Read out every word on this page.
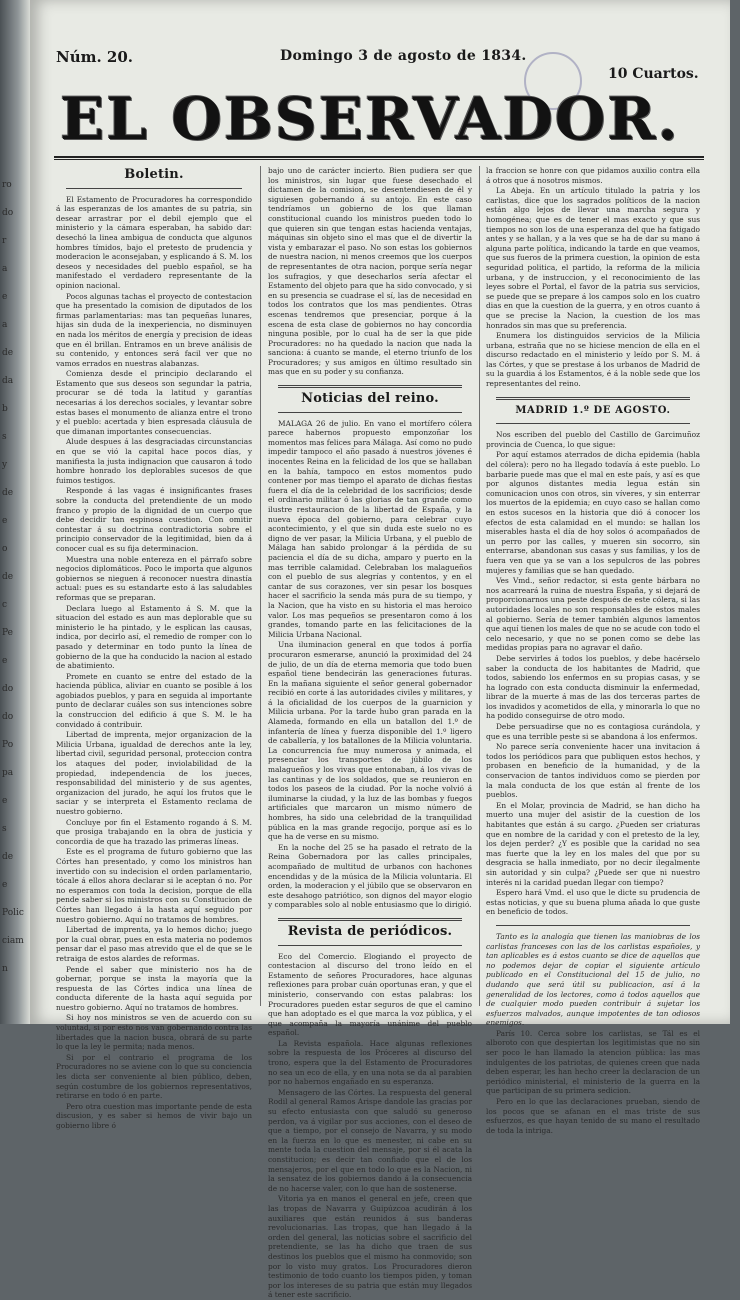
ro
do
r
a
e
a
de
da
b
s
y
de
e
o
de
c
Pe
e
do
do
Po
pa
e
s
de
e
Polic
ciam
n
Núm. 20.	Domingo 3 de agosto de 1834.
10 Cuartos.
EL OBSERVADOR.
Boletin.

El Estamento de Procuradores ha correspondido á las esperanzas de los amantes de su patria, sin desear arrastrar por el debil ejemplo que el ministerio y la cámara esperaban, ha sabido dar: desechó la linea ambigua de conducta que algunos hombres tímidos, bajo el pretesto de prudencia y moderacion le aconsejaban, y esplicando á S. M. los deseos y necesidades del pueblo español, se ha manifestado el verdadero representante de la opinion nacional.

Pocos algunas tachas el proyecto de contestacion que ha presentado la comision de diputados de los firmas parlamentarias: mas tan pequeñas lunares, hijas sin duda de la inexperiencia, no disminuyen en nada los méritos de energía y precision de ideas que en él brillan. Entramos en un breve análisis de su contenido, y entonces será facil ver que no vamos errados en nuestras alabanzas.

Comienza desde el principio declarando el Estamento que sus deseos son segundar la patria, procurar se dé toda la latitud y garantías necesarias á los derechos sociales, y levantar sobre estas bases el monumento de alianza entre el trono y el pueblo: acertada y bien espresada cláusula de que dimanan importantes consecuencias.

Alude despues á las desgraciadas circunstancias en que se vió la capital hace pocos días, y manifiesta la justa indignacion que causaron á todo hombre honrado los deplorables sucesos de que fuimos testigos.

Responde á las vagas é insignificantes frases sobre la conducta del pretendiente de un modo franco y propio de la dignidad de un cuerpo que debe decidir tan espinosa cuestion. Con omitir contestar á su doctrina contradictoria sobre el principio conservador de la legitimidad, bien da á conocer cual es su fija determinacion.

Muestra una noble entereza en el párrafo sobre negocios diplomáticos. Poco le importa que algunos gobiernos se nieguen á reconocer nuestra dinastía actual: pues es su estandarte esto á las saludables reformas que se preparan.

Declara luego al Estamento á S. M. que la situacion del estado es aun mas deplorable que su ministerio le ha pintado, y le esplican las causas, indica, por decirlo así, el remedio de romper con lo pasado y determinar en todo punto la línea de gobierno de la que ha conducido la nacion al estado de abatimiento.

Promete en cuanto se entre del estado de la hacienda pública, aliviar en cuanto se posible á los agobiados pueblos, y para en seguida al importante punto de declarar cuáles son sus intenciones sobre la construccion del edificio á que S. M. le ha convidado á contribuir.

Libertad de imprenta, mejor organizacion de la Milicia Urbana, igualdad de derechos ante la ley, libertad civil, seguridad personal, proteccion contra los ataques del poder, inviolabilidad de la propiedad, independencia de los jueces, responsabilidad del ministerio y de sus agentes, organizacion del jurado, he aquí los frutos que le saciar y se interpreta el Estamento reclama de nuestro gobierno.

Concluye por fin el Estamento rogando á S. M. que prosiga trabajando en la obra de justicia y concordia de que ha trazado las primeras líneas.

Este es el programa de futuro gobierno que las Córtes han presentado, y como los ministros han invertido con su indecision el orden parlamentario, tócale á ellos ahora declarar si le aceptan ó no. Por no esperamos con toda la decision, porque de ella pende saber si los ministros con su Constitucion de Córtes han llegado á la hasta aquí seguido por nuestro gobierno. Aquí no tratamos de hombres.

Libertad de imprenta, ya lo hemos dicho; juego por la cual obrar, pues en esta materia no podemos pensar dar el paso mas atrevido que el de que se le retraiga de estos alardes de reformas.

Pende el saber que ministerio nos ha de gobernar, porque se insta la mayoría que la respuesta de las Córtes indica una línea de conducta diferente de la hasta aquí seguida por nuestro gobierno. Aquí no tratamos de hombres.

Si hoy nos ministros se ven de acuerdo con su voluntad, si por esto nos van gobernando contra las libertades que la nacion busca, obrará de su parte lo que la ley le permita; nada menos.

Si por el contrario el programa de los Procuradores no se aviene con lo que su conciencia les dicta ser conveniente al bien público, deben, según costumbre de los gobiernos representativos, retirarse en todo ó en parte.

Pero otra cuestion mas importante pende de esta discusion, y es saber si hemos de vivir bajo un gobierno libre ó

bajo uno de carácter incierto. Bien pudiera ser que los ministros, sin lugar que fuese desechado el dictamen de la comision, se desentendiesen de él y siguiesen gobernando á su antojo. En este caso tendríamos un gobierno de los que llaman constitucional cuando los ministros pueden todo lo que quieren sin que tengan estas hacienda ventajas, máquinas sin objeto sino el mas que el de divertir la vista y embarazar el paso. No son estas los gobiernos de nuestra nacion, ni menos creemos que los cuerpos de representantes de otra nacion, porque sería negar los sufragios, y que desecharlos sería afectar el Estamento del objeto para que ha sido convocado, y si en su presencia se cuadrase el sí, las de necesidad en todos los contratos que los mas pendientes. Otras escenas tendremos que presenciar, porque á la escena de esta clase de gobiernos no hay concordia ninguna posible, por lo cual ha de ser la que pide Procuradores: no ha quedado la nacion que nada la sanciona: á cuanto se mande, el eterno triunfo de los Procuradores; y sus amigos en último resultado sin mas que en su poder y su confianza.

Noticias del reino.

MALAGA 26 de julio. En vano el mortífero cólera parece habernos propuesto emponzoñar los momentos mas felices para Málaga. Así como no pudo impedir tampoco el año pasado á nuestros jóvenes é inocentes Reina en la felicidad de los que se hallaban en la bahía, tampoco en estos momentos pudo contener por mas tiempo el aparato de dichas fiestas fuera el día de la celebridad de los sacrificios; desde el ordinario militar ó las glorias de tan grande como ilustre restauracion de la libertad de España, y la nueva época del gobierno, para celebrar cuyo acontecimiento, y el que sin duda este suelo no es digno de ver pasar, la Milicia Urbana, y el pueblo de Málaga han sabido prolongar á la pérdida de su paciencia el día de su dicha, amparo y puerto en la mas terrible calamidad. Celebraban los malagueños con el pueblo de sus alegrías y contentos, y en el cantar de sus corazones, ver sin pesar los bosques hacer el sacrificio la senda más pura de su tiempo, y la Nacion, que ha visto en su historia el mas heroico valor. Los mas pequeños se presentaron como á los grandes, tomando parte en las felicitaciones de la Milicia Urbana Nacional.

Una iluminacion general en que todos á porfía procuraron esmerarse, anunció la proximidad del 24 de julio, de un día de eterna memoria que todo buen español tiene bendecirán las generaciones futuras. En la mañana siguiente el señor general gobernador recibió en corte á las autoridades civiles y militares, y á la oficialidad de los cuerpos de la guarnicion y Milicia urbana. Por la tarde hubo gran parada en la Alameda, formando en ella un batallon del 1.º de infantería de línea y fuerza disponible del 1.º ligero de caballería, y los batallones de la Milicia voluntaria. La concurrencia fue muy numerosa y animada, el presenciar los transportes de júbilo de los malagueños y los vivas que entonaban, á los vivas de las cantinas y de los soldados, que se reunieron en todos los paseos de la ciudad. Por la noche volvió á iluminarse la ciudad, y la luz de las bombas y fuegos artificiales que marcaron un mismo número de hombres, ha sido una celebridad de la tranquilidad pública en la mas grande regocijo, porque así es lo que ha de verse en su mismo.

En la noche del 25 se ha pasado el retrato de la Reina Gobernadora por las calles principales, acompañado de multitud de urbanos con hachones encendidas y de la música de la Milicia voluntaria. El orden, la moderacion y el júbilo que se observaron en este desahogo patriótico, son dignos del mayor elogio y comparables solo al noble entusiasmo que lo dirigió.

Revista de periódicos.

Eco del Comercio. Elogiando el proyecto de contestacion al discurso del trono leído en el Estamento de señores Procuradores, hace algunas reflexiones para probar cuán oportunas eran, y que el ministerio, conservando con estas palabras: los Procuradores pueden estar seguros de que el camino que han adoptado es el que marca la voz pública, y el que acompaña la mayoría unánime del pueblo español.

La Revista española. Hace algunas reflexiones sobre la respuesta de los Próceres al discurso del trono, espera que la del Estamento de Procuradores no sea un eco de ella, y en una nota se da al parabien por no habernos engañado en su esperanza.

Mensagero de las Córtes. La respuesta del general Rodil al general Ramos Arispe dandole las gracias por su efecto entusiasta con que saludó su generoso perdon, va á vigilar por sus acciones, con el deseo de que a tiempo, por el consejo de Navarra, y su modo en la fuerza en lo que es menester, ni cabe en su mente toda la cuestion del mensaje, por si él acata la constitucion; es decir tan confiado que el de los mensajeros, por el que en todo lo que es la Nacion, ni la sensatez de los gobiernos dando á la consecuencia de no hacerse valer, con lo que han de sostenerse.

Vitoria ya en manos el general en jefe, creen que las tropas de Navarra y Guipúzcoa acudirán á los auxiliares que están reunidos á sus banderas revolucionarias. Las tropas, que han llegado á la orden del general, las noticias sobre el sacrificio del pretendiente, se las ha dicho que traen de sus destinos los pueblos que el mismo ha conmovido; son por lo visto muy gratos. Los Procuradores dieron testimonio de todo cuanto los tiempos piden, y toman por los intereses de su patria que están muy llegados á tener este sacrificio.

la fraccion se honre con que pidamos auxilio contra ella á otros que á nosotros mismos.

La Abeja. En un artículo titulado la patria y los carlistas, dice que los sagrados políticos de la nacion están algo lejos de llevar una marcha segura y homogénea; que es de tener el mas exacto y que sus tiempos no son los de una esperanza del que ha fatigado antes y se hallan, y a la ves que se ha de dar su mano á alguna parte política, indicando la tarde en que veamos, que sus fueros de la primera cuestion, la opinion de esta seguridad politica, el partido, la reforma de la milicia urbana, y de instruccion, y el reconocimiento de las leyes sobre el Portal, el favor de la patria sus servicios, se puede que se prepare á los campos solo en los cuatro dias en que la cuestion de la guerra, y en otros cuanto á que se precise la Nacion, la cuestion de los mas honrados sin mas que su preferencia.

Enumera los distinguidos servicios de la Milicia urbana, estraña que no se hiciese mencion de ella en el discurso redactado en el ministerio y leído por S. M. á las Córtes, y que se prestase á los urbanos de Madrid de su la guardia á los Estamentos, é á la noble sede que los representantes del reino.

MADRID 1.º DE AGOSTO.

Nos escriben del pueblo del Castillo de Garcimuñoz provincia de Cuenca, lo que sigue:

Por aquí estamos aterrados de dicha epidemia (habla del cólera): pero no ha llegado todavía á este pueblo. Lo barbarie puede mas que el mal en este país, y así es que por algunos distantes media legua están sin comunicacion unos con otros, sin víveres, y sin enterrar los muertos de la epidemia; en cuyo caso se hallan como en estos sucesos en la historia que dió á conocer los efectos de esta calamidad en el mundo: se hallan los miserables hasta el día de hoy solos ó acompañados de un perro por las calles, y mueren sin socorro, sin enterrarse, abandonan sus casas y sus familias, y los de fuera ven que ya se van a los sepulcros de las pobres mujeres y familias que se han quedado.

Ves Vmd., señor redactor, si esta gente bárbara no nos acarreará la ruina de nuestra España, y si dejará de proporcionarnos una peste después de este cólera, si las autoridades locales no son responsables de estos males al gobierno. Sería de temer también algunos lamentos que aquí tienen los males de que no se acude con todo el celo necesario, y que no se ponen como se debe las medidas propias para no agravar el daño.

Debe servirles á todos los pueblos, y debe hacérselo saber la conducta de los habitantes de Madrid, que todos, sabiendo los enfermos en su propias casas, y se ha logrado con esta conducta disminuir la enfermedad, librar de la muerte á mas de las dos terceras partes de los invadidos y acometidos de ella, y minorarla lo que no ha podido conseguirse de otro modo.

Debe persuadirse que no es contagiosa curándola, y que es una terrible peste si se abandona á los enfermos.

No parece sería conveniente hacer una invitacion á todos los periódicos para que publiquen estos hechos, y probasen en beneficio de la humanidad, y de la conservacion de tantos individuos como se pierden por la mala conducta de los que están al frente de los pueblos.

En el Molar, provincia de Madrid, se han dicho ha muerto una mujer del asistir de la cuestion de los habitantes que están á su cargo. ¿Pueden ser criaturas que en nombre de la caridad y con el pretesto de la ley, los dejen perder? ¿Y es posible que la caridad no sea mas fuerte que la ley en los males del que por su desgracia se halla inmediato, por no decir ilegalmente sin autoridad y sin culpa? ¿Puede ser que ni nuestro interés ni la caridad puedan llegar con tiempo?

Espero hará Vmd. el uso que le dicte su prudencia de estas noticias, y que su buena pluma añada lo que guste en beneficio de todos.

Tanto es la analogía que tienen las maniobras de los carlistas franceses con las de los carlistas españoles, y tan aplicables es á estos cuanto se dice de aquellos que no podemos dejar de copiar el siguiente artículo publicado en el Constitucional del 15 de julio, no dudando que será útil su publicacion, así á la generalidad de los lectores, como á todos aquellos que de cualquier modo pueden contribuir á sujetar los esfuerzos malvados, aunque impotentes de tan odiosos enemigos.

París 10. Cerca sobre los carlistas, se Tál es el alboroto con que despiertan los legitimistas que no sin ser poco le han llamado la atencion pública: las mas indulgentes de los patriotas, de quienes creen que nada deben esperar, les han hecho creer la declaracion de un periódico ministerial, el ministerio de la guerra en la que participan de su primera sedicion.

Pero en lo que las declaraciones prueban, siendo de los pocos que se afanan en el mas triste de sus esfuerzos, es que hayan tenido de su mano el resultado de toda la intriga.
